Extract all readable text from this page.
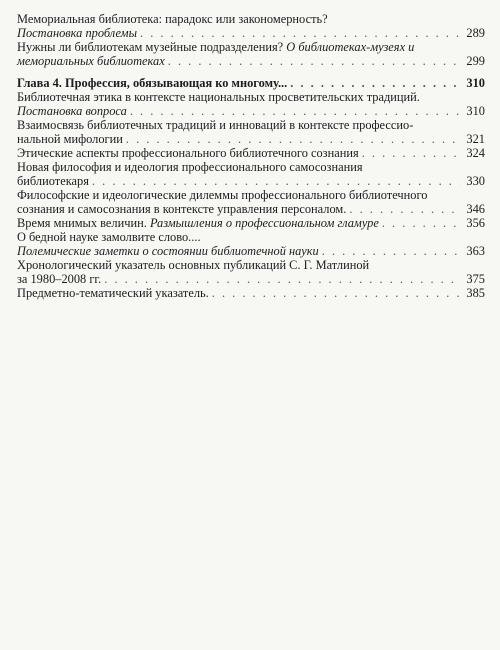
Мемориальная библиотека: парадокс или закономерность?
Постановка проблемы . . .	289
Нужны ли библиотекам музейные подразделения?
О библиотеках-музеях и
мемориальных библиотеках . . .	299
Глава 4. Профессия, обязывающая ко многому... . . .	310
Библиотечная этика в контексте национальных просветительских традиций.
Постановка вопроса . . .	310
Взаимосвязь библиотечных традиций и инноваций в контексте профессио-
нальной мифологии . . .	321
Этические аспекты профессионального библиотечного сознания . . .	324
Новая философия и идеология профессионального самосознания
библиотекаря . . .	330
Философские и идеологические дилеммы профессионального библиотечного
сознания и самосознания в контексте управления персоналом. . . .	346
Время мнимых величин.
Размышления о профессиональном гламуре . . .	356
О бедной науке замолвите слово....
Полемические заметки о состоянии библиотечной науки . . .	363
Хронологический указатель основных публикаций С. Г. Матлиной
за 1980–2008 гг. . . .	375
Предметно-тематический указатель. . . .	385
